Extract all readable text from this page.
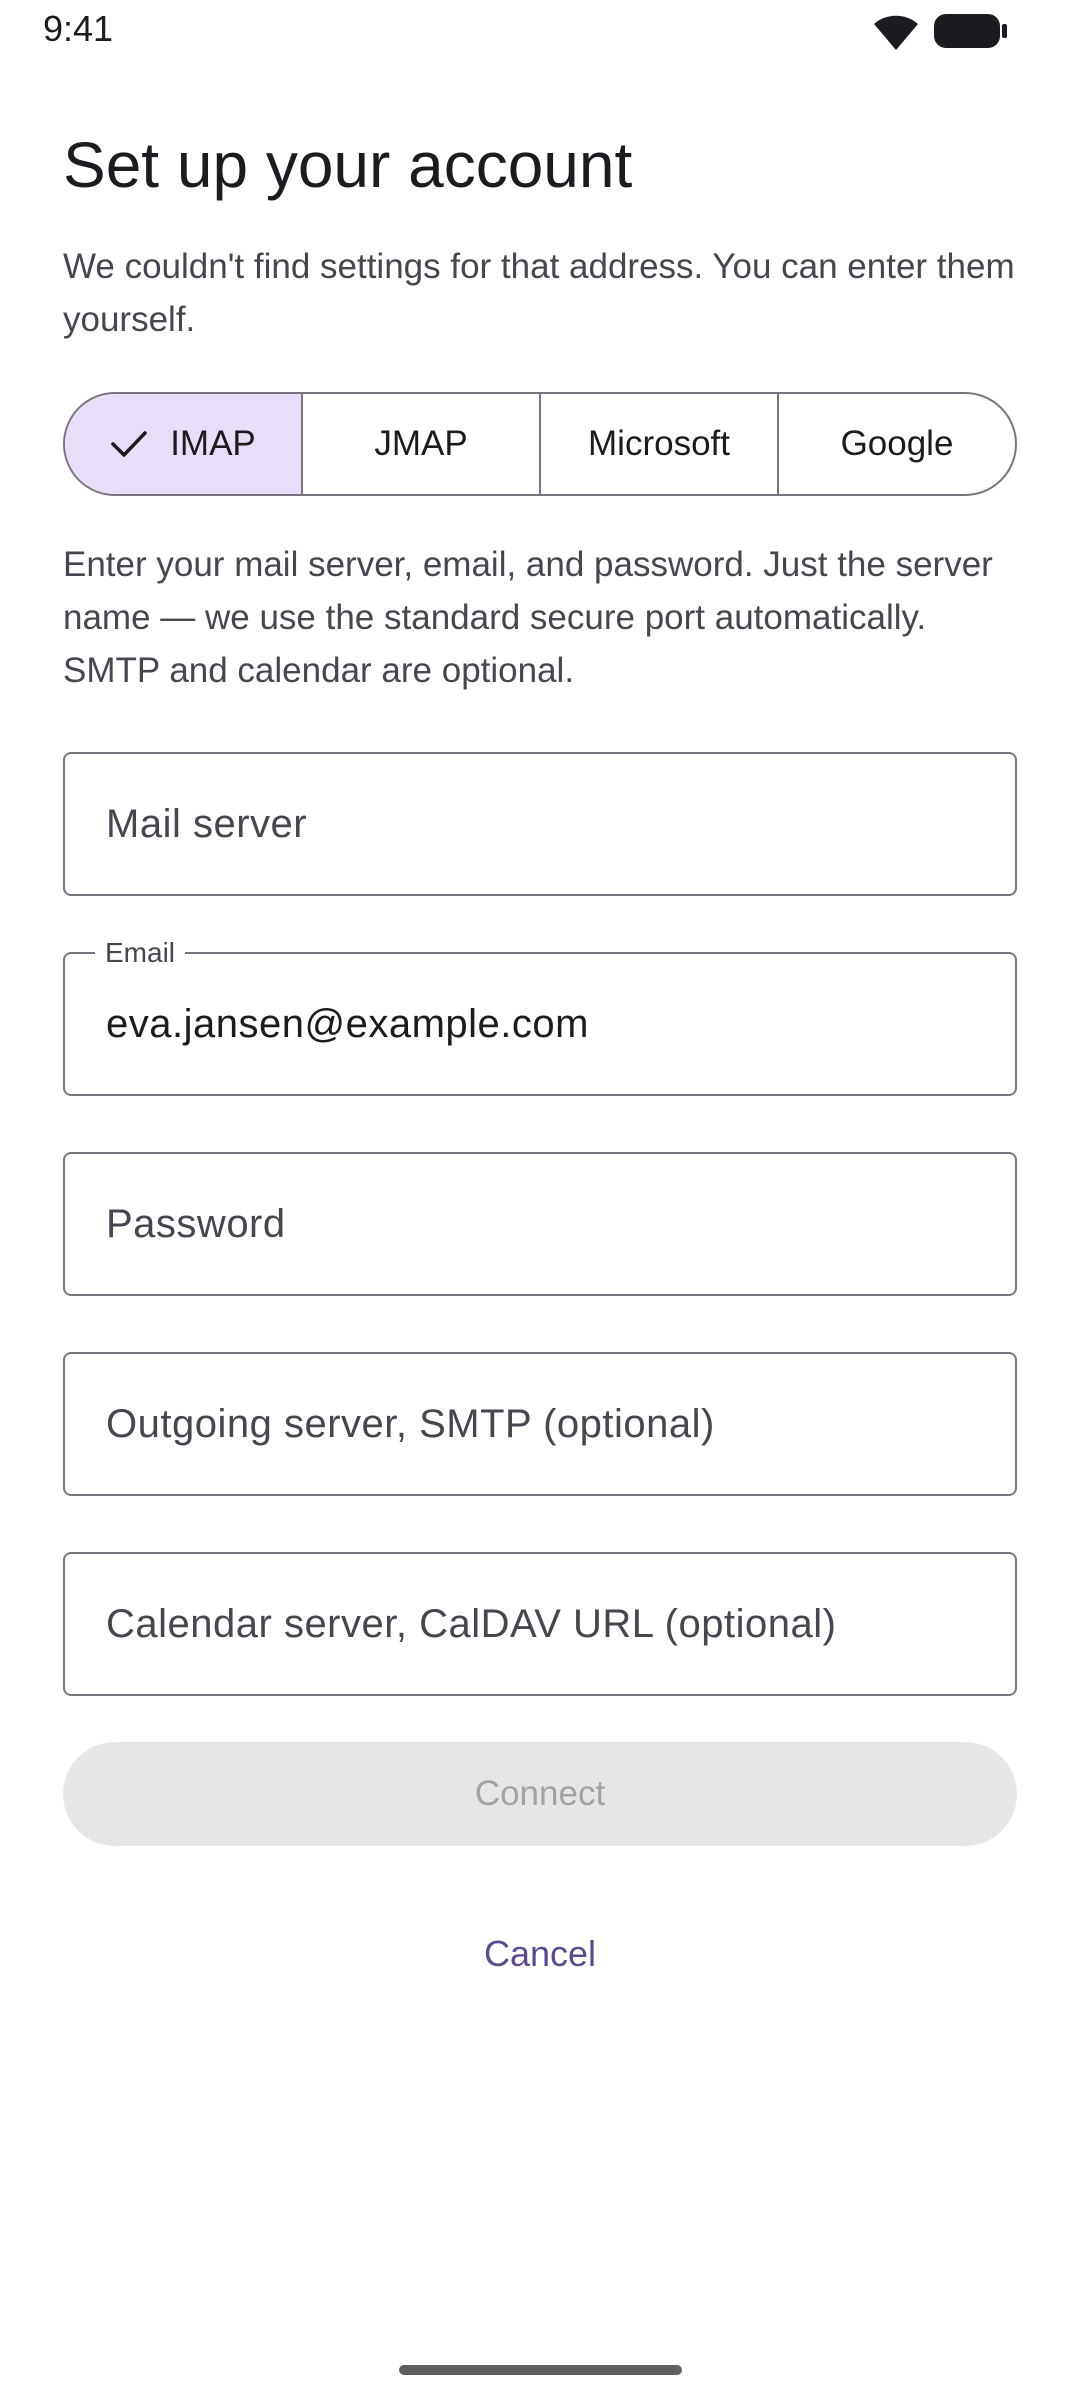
9:41
Set up your account
We couldn't find settings for that address. You can enter them yourself.
IMAP	JMAP	Microsoft	Google
Enter your mail server, email, and password. Just the server name — we use the standard secure port automatically. SMTP and calendar are optional.
Mail server
Email
eva.jansen@example.com
Password
Outgoing server, SMTP (optional)
Calendar server, CalDAV URL (optional)
Connect
Cancel
